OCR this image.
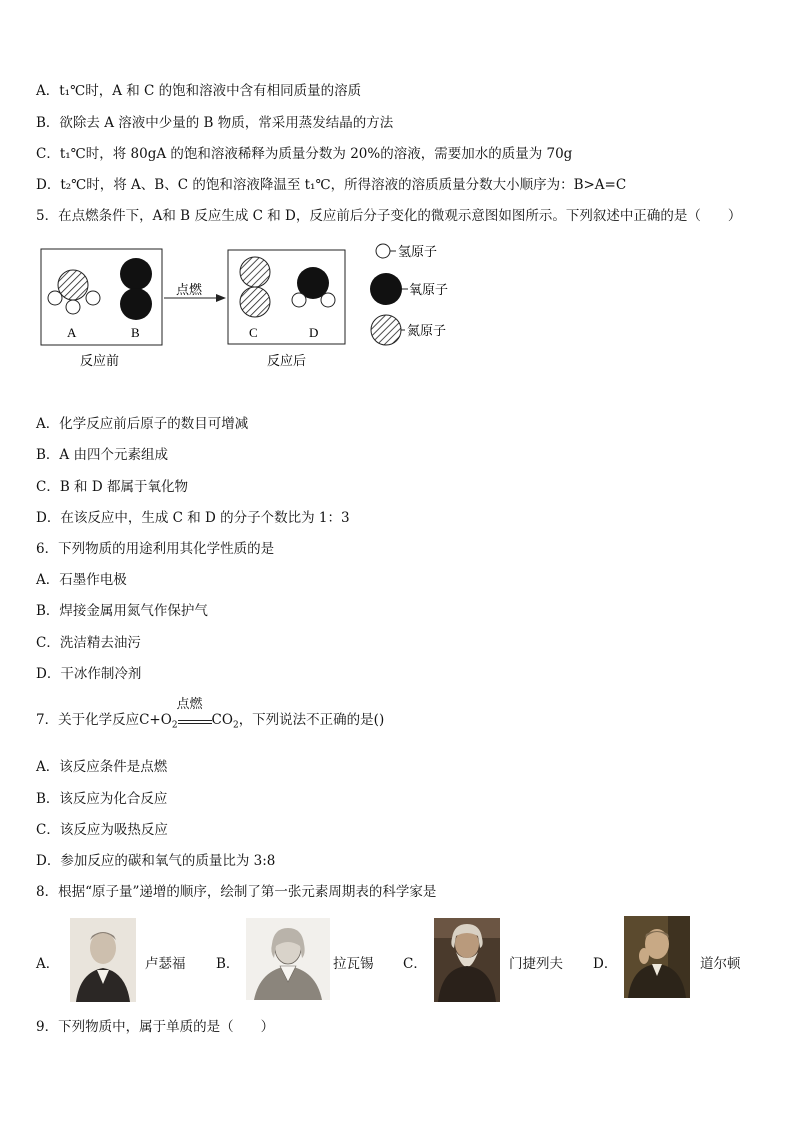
A．t₁℃时，A 和 C 的饱和溶液中含有相同质量的溶质
B．欲除去 A 溶液中少量的 B 物质，常采用蒸发结晶的方法
C．t₁℃时，将 80gA 的饱和溶液稀释为质量分数为 20%的溶液，需要加水的质量为 70g
D．t₂℃时，将 A、B、C 的饱和溶液降温至 t₁℃，所得溶液的溶质质量分数大小顺序为：B>A=C
5．在点燃条件下，A和 B 反应生成 C 和 D，反应前后分子变化的微观示意图如图所示。下列叙述中正确的是（　　）
点燃
A	B	C	D
反应前	反应后
氢原子
氧原子
氮原子
A．化学反应前后原子的数目可增减
B．A 由四个元素组成
C．B 和 D 都属于氧化物
D．在该反应中，生成 C 和 D 的分子个数比为 1：3
6．下列物质的用途利用其化学性质的是
A．石墨作电极
B．焊接金属用氮气作保护气
C．洗洁精去油污
D．干冰作制冷剂
7．关于化学反应$C+O_2$
点燃
$CO_2$，下列说法不正确的是()
A．该反应条件是点燃
B．该反应为化合反应
C．该反应为吸热反应
D．参加反应的碳和氧气的质量比为 3:8
8．根据“原子量”递增的顺序，绘制了第一张元素周期表的科学家是
A．	卢瑟福 B．	拉瓦锡 C．	门捷列夫 D．	道尔顿
9．下列物质中，属于单质的是（　　）
